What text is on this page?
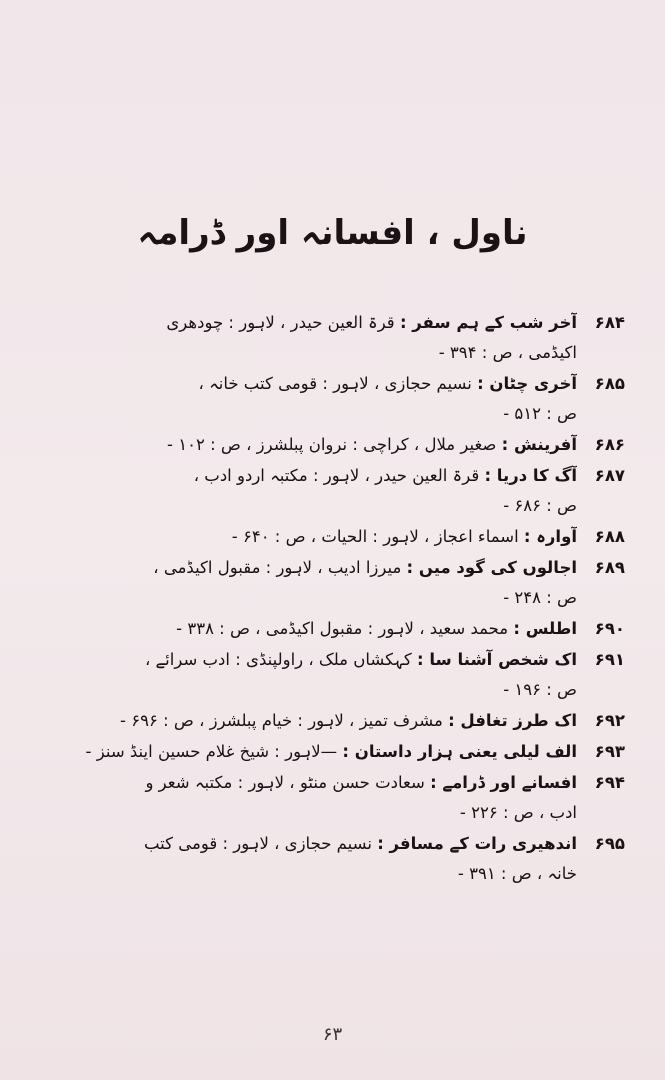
ناول ، افسانہ اور ڈرامہ
۶۸۴
آخر شب کے ہم سفر : قرۃ العین حیدر ، لاہور : چودھری
اکیڈمی ، ص : ۳۹۴ -
۶۸۵
آخری چٹان : نسیم حجازی ، لاہور : قومی کتب خانہ ،
ص : ۵۱۲ -
۶۸۶
آفرینش : صغیر ملال ، کراچی : نروان پبلشرز ، ص : ۱۰۲ -
۶۸۷
آگ کا دریا : قرۃ العین حیدر ، لاہور : مکتبہ اردو ادب ،
ص : ۶۸۶ -
۶۸۸
آوارہ : اسماء اعجاز ، لاہور : الحیات ، ص : ۶۴۰ -
۶۸۹
اجالوں کی گود میں : میرزا ادیب ، لاہور : مقبول اکیڈمی ،
ص : ۲۴۸ -
۶۹۰
اطلس : محمد سعید ، لاہور : مقبول اکیڈمی ، ص : ۳۳۸ -
۶۹۱
اک شخص آشنا سا : کہکشاں ملک ، راولپنڈی : ادب سرائے ،
ص : ۱۹۶ -
۶۹۲
اک طرز تغافل : مشرف تمیز ، لاہور : خیام پبلشرز ، ص : ۶۹۶ -
۶۹۳
الف لیلی یعنی ہزار داستان : —لاہور : شیخ غلام حسین اینڈ سنز -
۶۹۴
افسانے اور ڈرامے : سعادت حسن منٹو ، لاہور : مکتبہ شعر و
ادب ، ص : ۲۲۶ -
۶۹۵
اندھیری رات کے مسافر : نسیم حجازی ، لاہور : قومی کتب
خانہ ، ص : ۳۹۱ -
۶۳
